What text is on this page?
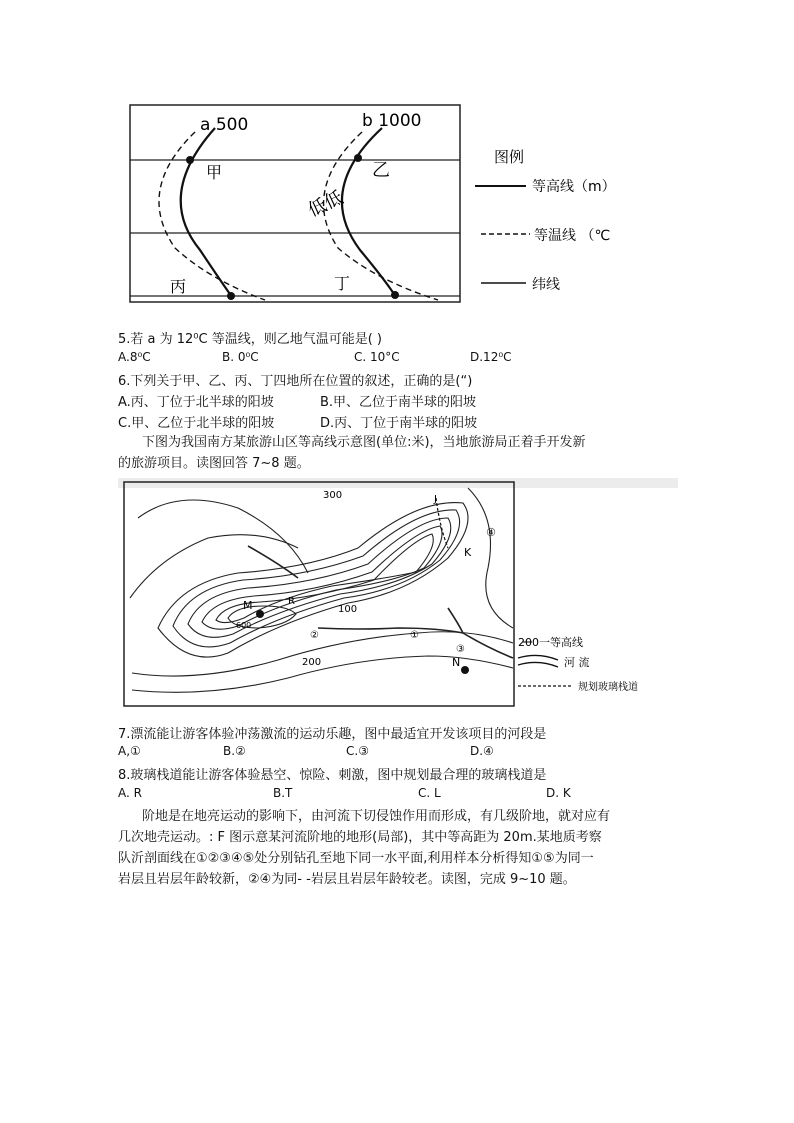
a 500	b 1000
甲	乙
丙	丁
低低
图例
等高线（m）
等温线 （℃
纬线
5.若 a 为 12⁰C 等温线，则乙地气温可能是( )
A.8⁰C	B. 0⁰C	C. 10°C	D.12⁰C
6.下列关于甲、乙、丙、丁四地所在位置的叙述，正确的是(“)
A.丙、丁位于北半球的阳坡	B.甲、乙位于南半球的阳坡
C.甲、乙位于北半球的阳坡	D.丙、丁位于南半球的阳坡

下图为我国南方某旅游山区等高线示意图(单位:米)，当地旅游局正着手开发新

的旅游项目。读图回答 7~8 题。

300
100
200
600
M	R
J
K
N
②	①
③
④
200一等高线
河 流
规划玻璃栈道
7.漂流能让游客体验冲荡激流的运动乐趣，图中最适宜开发该项目的河段是
A,①	B.②	C.③	D.④
8.玻璃栈道能让游客体验悬空、惊险、刺激，图中规划最合理的玻璃栈道是
A. R	B.T	C. L	D. K

阶地是在地亮运动的影响下，由河流下切侵蚀作用而形成，有几级阶地，就对应有

几次地壳运动。: F 图示意某河流阶地的地形(局部)，其中等高距为 20m.某地质考察

队沂剖面线在①②③④⑤处分别钻孔至地下同一水平面,利用样本分析得知①⑤为同一

岩层且岩层年龄较新，②④为同- -岩层且岩层年龄较老。读图，完成 9~10 题。
